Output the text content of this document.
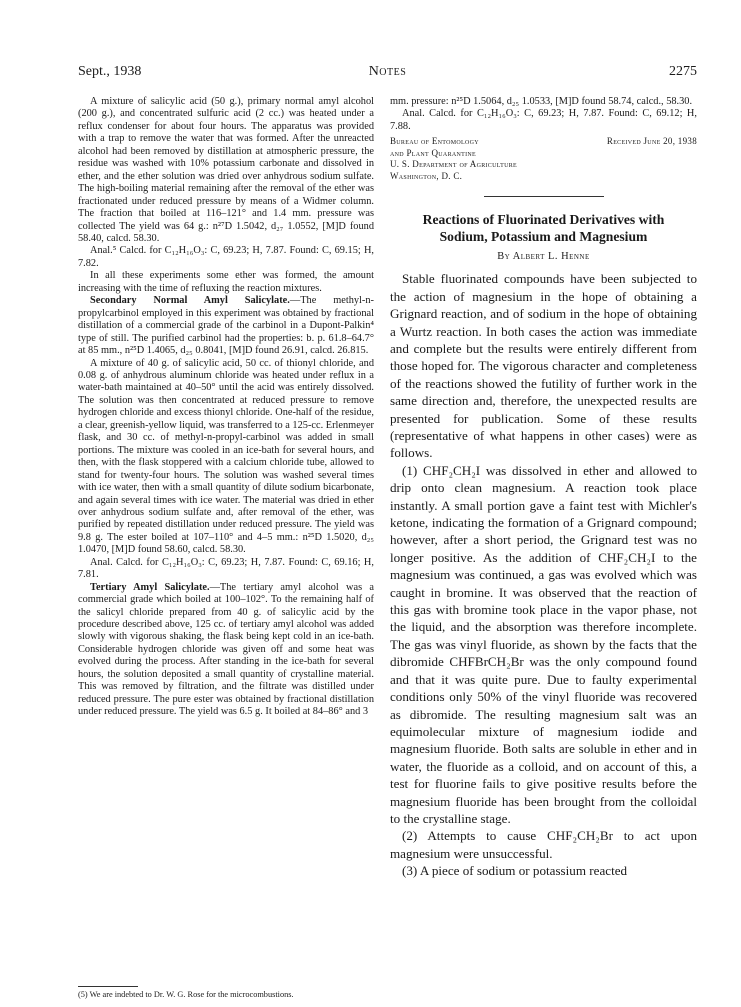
Sept., 1938	Notes	2275

A mixture of salicylic acid (50 g.), primary normal amyl alcohol (200 g.), and concentrated sulfuric acid (2 cc.) was heated under a reflux condenser for about four hours. The apparatus was provided with a trap to remove the water that was formed. After the unreacted alcohol had been removed by distillation at atmospheric pressure, the residue was washed with 10% potassium carbonate and dissolved in ether, and the ether solution was dried over anhydrous sodium sulfate. The high-boiling material remaining after the removal of the ether was fractionated under reduced pressure by means of a Widmer column. The fraction that boiled at 116–121° and 1.4 mm. pressure was collected The yield was 64 g.: n²⁷D 1.5042, d₂₇ 1.0552, [M]D found 58.40, calcd. 58.30.

Anal.⁵ Calcd. for C₁₂H₁₆O₃: C, 69.23; H, 7.87. Found: C, 69.15; H, 7.82.

In all these experiments some ether was formed, the amount increasing with the time of refluxing the reaction mixtures.

Secondary Normal Amyl Salicylate.—The methyl-n-propylcarbinol employed in this experiment was obtained by fractional distillation of a commercial grade of the carbinol in a Dupont-Palkin⁴ type of still. The purified carbinol had the properties: b. p. 61.8–64.7° at 85 mm., n²⁵D 1.4065, d₂₅ 0.8041, [M]D found 26.91, calcd. 26.815.

A mixture of 40 g. of salicylic acid, 50 cc. of thionyl chloride, and 0.08 g. of anhydrous aluminum chloride was heated under reflux in a water-bath maintained at 40–50° until the acid was entirely dissolved. The solution was then concentrated at reduced pressure to remove hydrogen chloride and excess thionyl chloride. One-half of the residue, a clear, greenish-yellow liquid, was transferred to a 125-cc. Erlenmeyer flask, and 30 cc. of methyl-n-propyl-carbinol was added in small portions. The mixture was cooled in an ice-bath for several hours, and then, with the flask stoppered with a calcium chloride tube, allowed to stand for twenty-four hours. The solution was washed several times with ice water, then with a small quantity of dilute sodium bicarbonate, and again several times with ice water. The material was dried in ether over anhydrous sodium sulfate and, after removal of the ether, was purified by repeated distillation under reduced pressure. The yield was 9.8 g. The ester boiled at 107–110° and 4–5 mm.: n²⁵D 1.5020, d₂₅ 1.0470, [M]D found 58.60, calcd. 58.30.

Anal. Calcd. for C₁₂H₁₆O₃: C, 69.23; H, 7.87. Found: C, 69.16; H, 7.81.

Tertiary Amyl Salicylate.—The tertiary amyl alcohol was a commercial grade which boiled at 100–102°. To the remaining half of the salicyl chloride prepared from 40 g. of salicylic acid by the procedure described above, 125 cc. of tertiary amyl alcohol was added slowly with vigorous shaking, the flask being kept cold in an ice-bath. Considerable hydrogen chloride was given off and some heat was evolved during the process. After standing in the ice-bath for several hours, the solution deposited a small quantity of crystalline material. This was removed by filtration, and the filtrate was distilled under reduced pressure. The pure ester was obtained by fractional distillation under reduced pressure. The yield was 6.5 g. It boiled at 84–86° and 3

(5) We are indebted to Dr. W. G. Rose for the microcombustions.

mm. pressure: n²⁵D 1.5064, d₂₅ 1.0533, [M]D found 58.74, calcd., 58.30.

Anal. Calcd. for C₁₂H₁₆O₃: C, 69.23; H, 7.87. Found: C, 69.12; H, 7.88.

Bureau of Entomology	Received June 20, 1938
and Plant Quarantine
U. S. Department of Agriculture
Washington, D. C.
Reactions of Fluorinated Derivatives with
Sodium, Potassium and Magnesium
By Albert L. Henne

Stable fluorinated compounds have been subjected to the action of magnesium in the hope of obtaining a Grignard reaction, and of sodium in the hope of obtaining a Wurtz reaction. In both cases the action was immediate and complete but the results were entirely different from those hoped for. The vigorous character and completeness of the reactions showed the futility of further work in the same direction and, therefore, the unexpected results are presented for publication. Some of these results (representative of what happens in other cases) were as follows.

(1) CHF₂CH₂I was dissolved in ether and allowed to drip onto clean magnesium. A reaction took place instantly. A small portion gave a faint test with Michler's ketone, indicating the formation of a Grignard compound; however, after a short period, the Grignard test was no longer positive. As the addition of CHF₂CH₂I to the magnesium was continued, a gas was evolved which was caught in bromine. It was observed that the reaction of this gas with bromine took place in the vapor phase, not the liquid, and the absorption was therefore incomplete. The gas was vinyl fluoride, as shown by the facts that the dibromide CHFBrCH₂Br was the only compound found and that it was quite pure. Due to faulty experimental conditions only 50% of the vinyl fluoride was recovered as dibromide. The resulting magnesium salt was an equimolecular mixture of magnesium iodide and magnesium fluoride. Both salts are soluble in ether and in water, the fluoride as a colloid, and on account of this, a test for fluorine fails to give positive results before the magnesium fluoride has been brought from the colloidal to the crystalline stage.

(2) Attempts to cause CHF₂CH₂Br to act upon magnesium were unsuccessful.

(3) A piece of sodium or potassium reacted
